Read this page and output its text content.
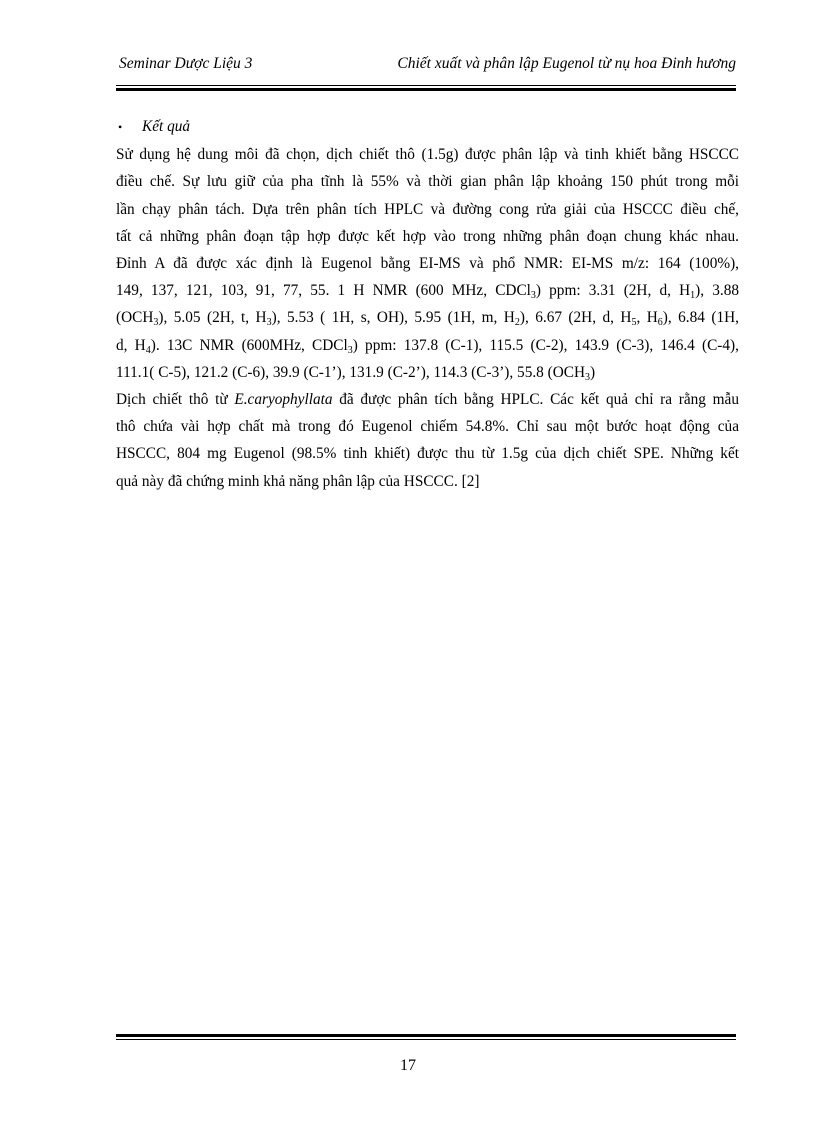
Seminar Dược Liệu 3	Chiết xuất và phân lập Eugenol từ nụ hoa Đinh hương
•	Kết quả
Sử dụng hệ dung môi đã chọn, dịch chiết thô (1.5g) được phân lập và tinh khiết bằng HSCCC
điều chế. Sự lưu giữ của pha tĩnh là 55% và thời gian phân lập khoảng 150 phút trong mỗi
lần chạy phân tách. Dựa trên phân tích HPLC và đường cong rửa giải của HSCCC điều chế,
tất cả những phân đoạn tập hợp được kết hợp vào trong những phân đoạn chung khác nhau.
Đỉnh A đã được xác định là Eugenol bằng EI-MS và phổ NMR: EI-MS m/z: 164 (100%),
149, 137, 121, 103, 91, 77, 55. 1 H NMR (600 MHz, CDCl$_3$) ppm: 3.31 (2H, d, $H_1$), 3.88
$(OCH_3)$, 5.05 (2H, t, $H_3$), 5.53 ( 1H, s, OH), 5.95 (1H, m, $H_2$), 6.67 (2H, d, $H_5$, $H_6$), 6.84 (1H,
d, $H_4$). 13C NMR (600MHz, CDCl$_3$) ppm: 137.8 (C-1), 115.5 (C-2), 143.9 (C-3), 146.4 (C-4),
111.1( C-5), 121.2 (C-6), 39.9 (C-1’), 131.9 (C-2’), 114.3 (C-3’), 55.8 $(OCH_3)$
Dịch chiết thô từ E.caryophyllata đã được phân tích bằng HPLC. Các kết quả chỉ ra rằng mẫu
thô chứa vài hợp chất mà trong đó Eugenol chiếm 54.8%. Chỉ sau một bước hoạt động của
HSCCC, 804 mg Eugenol (98.5% tinh khiết) được thu từ 1.5g của dịch chiết SPE. Những kết
quả này đã chứng minh khả năng phân lập của HSCCC. [2]
17
